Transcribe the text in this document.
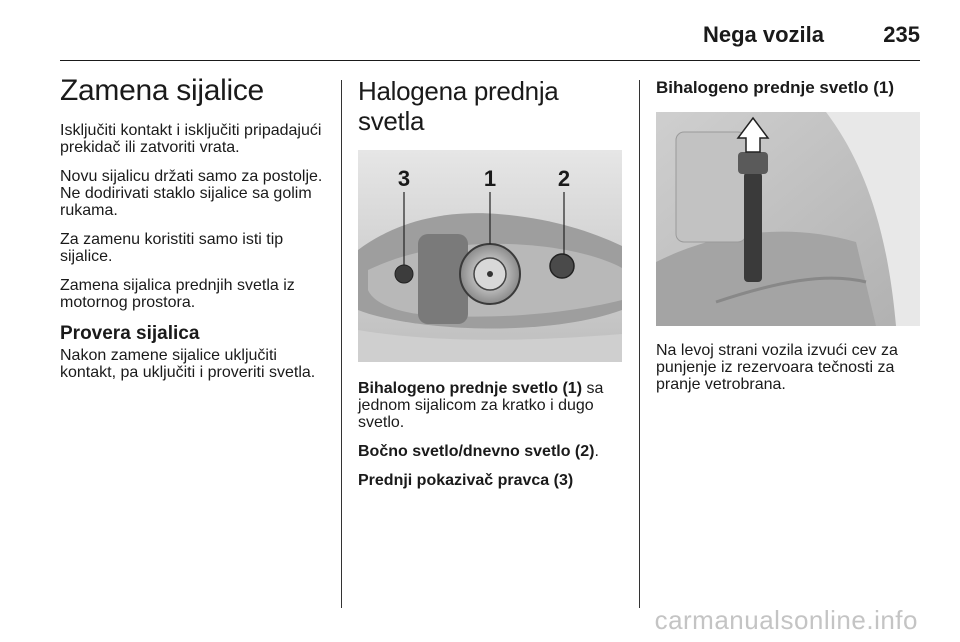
Nega vozila	235
Zamena sijalice

Isključiti kontakt i isključiti pripadajući prekidač ili zatvoriti vrata.

Novu sijalicu držati samo za postolje. Ne dodirivati staklo sijalice sa golim rukama.

Za zamenu koristiti samo isti tip sijalice.

Zamena sijalica prednjih svetla iz motornog prostora.

Provera sijalica

Nakon zamene sijalice uključiti kontakt, pa uključiti i proveriti svetla.

Halogena prednja svetla
3	1	2

Bihalogeno prednje svetlo (1) sa jednom sijalicom za kratko i dugo svetlo.

Bočno svetlo/dnevno svetlo (2).

Prednji pokazivač pravca (3)

Bihalogeno prednje svetlo (1)

Na levoj strani vozila izvući cev za punjenje iz rezervoara tečnosti za pranje vetrobrana.

carmanualsonline.info
